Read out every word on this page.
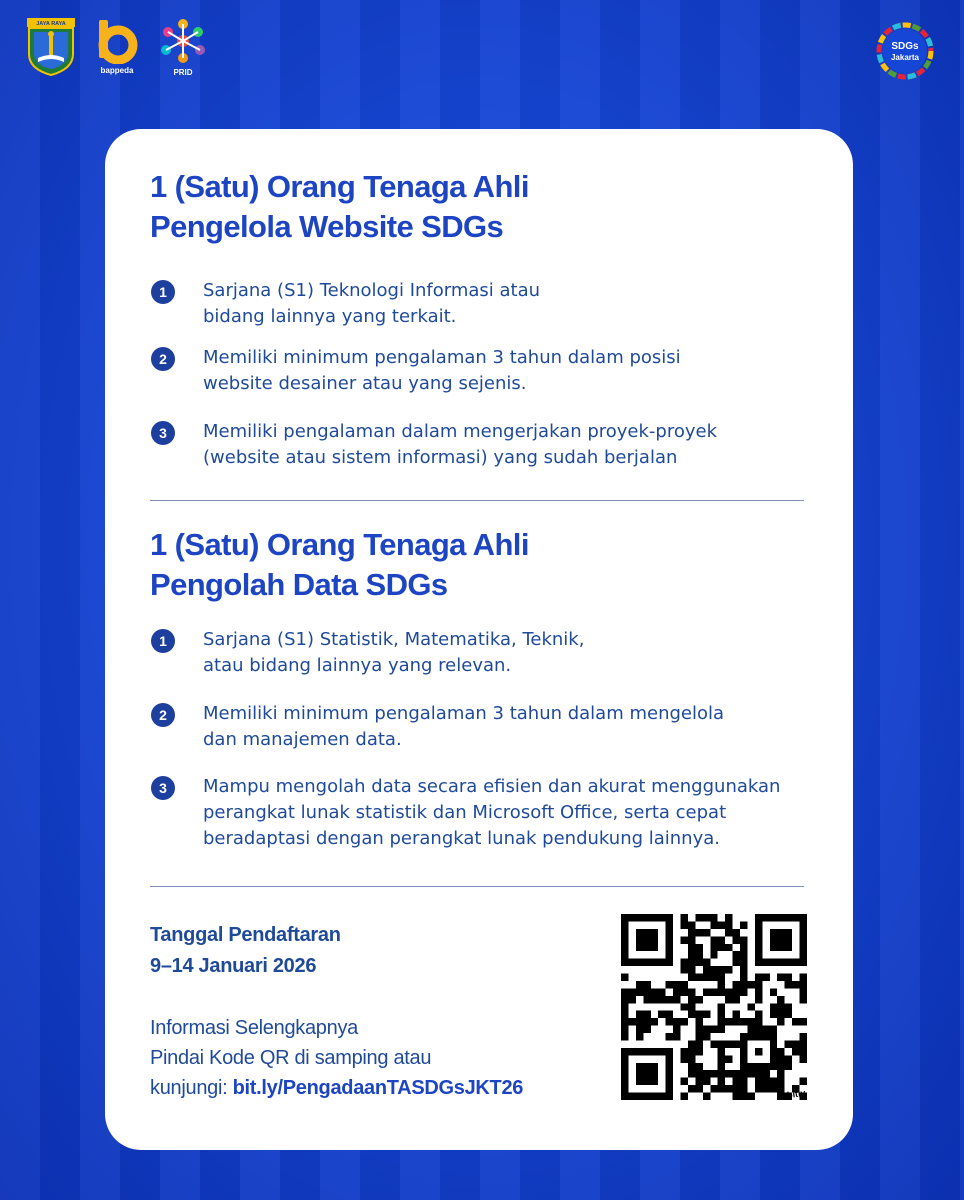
JAYA RAYA
bappeda	PRID
SDGs
Jakarta
1 (Satu) Orang Tenaga Ahli
Pengelola Website SDGs
1	Sarjana (S1) Teknologi Informasi atau
bidang lainnya yang terkait.
2	Memiliki minimum pengalaman 3 tahun dalam posisi
website desainer atau yang sejenis.
3	Memiliki pengalaman dalam mengerjakan proyek-proyek
(website atau sistem informasi) yang sudah berjalan
1 (Satu) Orang Tenaga Ahli
Pengolah Data SDGs
1	Sarjana (S1) Statistik, Matematika, Teknik,
atau bidang lainnya yang relevan.
2	Memiliki minimum pengalaman 3 tahun dalam mengelola
dan manajemen data.
3	Mampu mengolah data secara efisien dan akurat menggunakan
perangkat lunak statistik dan Microsoft Office, serta cepat
beradaptasi dengan perangkat lunak pendukung lainnya.
Tanggal Pendaftaran
9–14 Januari 2026
Informasi Selengkapnya
Pindai Kode QR di samping atau
kunjungi: bit.ly/PengadaanTASDGsJKT26	bitly
